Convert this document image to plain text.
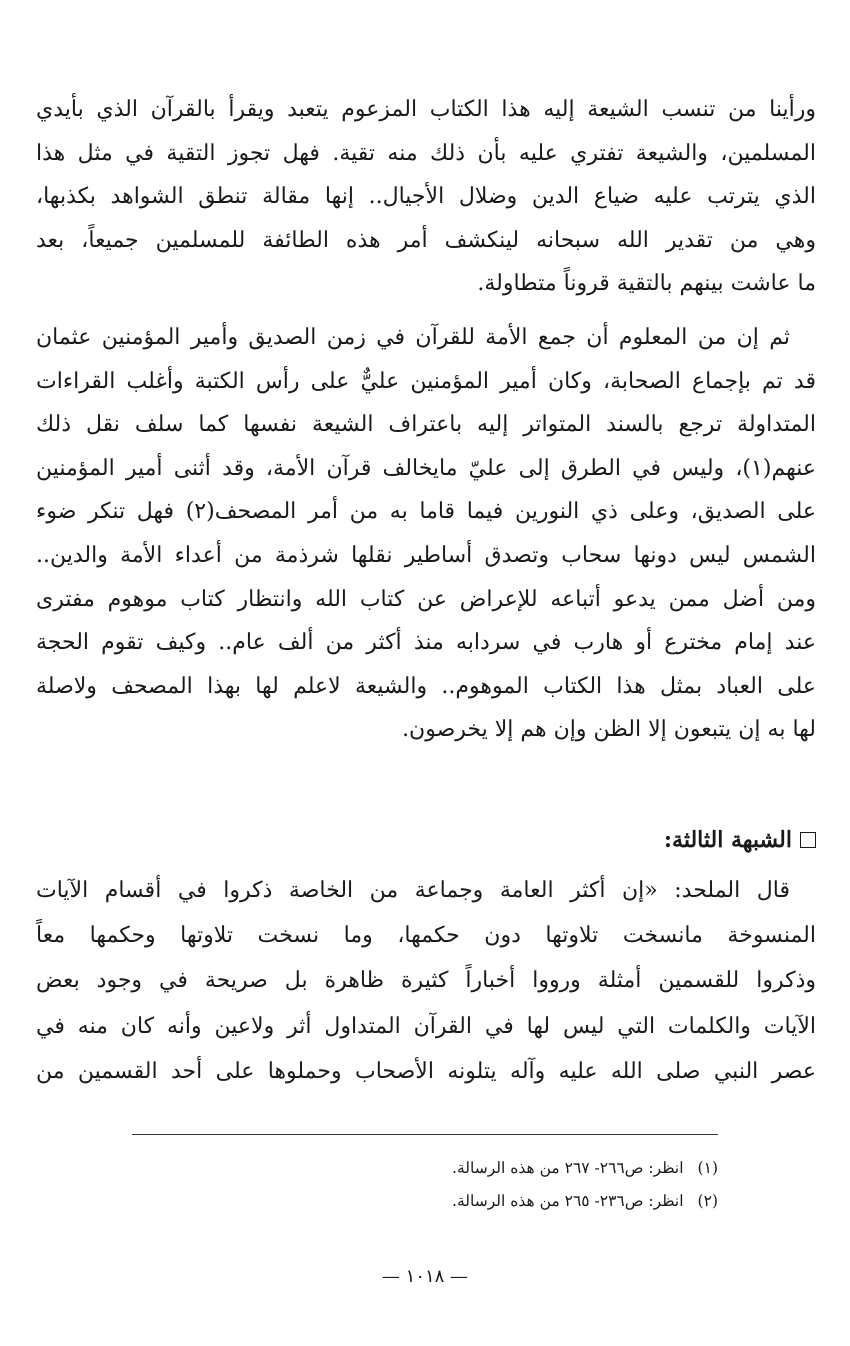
ورأينا من تنسب الشيعة إليه هذا الكتاب المزعوم يتعبد ويقرأ بالقرآن الذي بأيدي
المسلمين، والشيعة تفتري عليه بأن ذلك منه تقية. فهل تجوز التقية في مثل هذا
الذي يترتب عليه ضياع الدين وضلال الأجيال.. إنها مقالة تنطق الشواهد بكذبها،
وهي من تقدير الله سبحانه لينكشف أمر هذه الطائفة للمسلمين جميعاً، بعد
ما عاشت بينهم بالتقية قروناً متطاولة.
ثم إن من المعلوم أن جمع الأمة للقرآن في زمن الصديق وأمير المؤمنين عثمان
قد تم بإجماع الصحابة، وكان أمير المؤمنين عليٌّ على رأس الكتبة وأغلب القراءات
المتداولة ترجع بالسند المتواتر إليه باعتراف الشيعة نفسها كما سلف نقل ذلك
عنهم(١)، وليس في الطرق إلى عليّ مايخالف قرآن الأمة، وقد أثنى أمير المؤمنين
على الصديق، وعلى ذي النورين فيما قاما به من أمر المصحف(٢) فهل تنكر ضوء
الشمس ليس دونها سحاب وتصدق أساطير نقلها شرذمة من أعداء الأمة والدين..
ومن أضل ممن يدعو أتباعه للإعراض عن كتاب الله وانتظار كتاب موهوم مفترى
عند إمام مخترع أو هارب في سردابه منذ أكثر من ألف عام.. وكيف تقوم الحجة
على العباد بمثل هذا الكتاب الموهوم.. والشيعة لاعلم لها بهذا المصحف ولاصلة
لها به إن يتبعون إلا الظن وإن هم إلا يخرصون.
الشبهة الثالثة:
قال الملحد: «إن أكثر العامة وجماعة من الخاصة ذكروا في أقسام الآيات
المنسوخة مانسخت تلاوتها دون حكمها، وما نسخت تلاوتها وحكمها معاً
وذكروا للقسمين أمثلة ورووا أخباراً كثيرة ظاهرة بل صريحة في وجود بعض
الآيات والكلمات التي ليس لها في القرآن المتداول أثر ولاعين وأنه كان منه في
عصر النبي صلى الله عليه وآله يتلونه الأصحاب وحملوها على أحد القسمين من
(١)
انظر: ص٢٦٦- ٢٦٧ من هذه الرسالة.
(٢)
انظر: ص٢٣٦- ٢٦٥ من هذه الرسالة.
— ١٠١٨ —
